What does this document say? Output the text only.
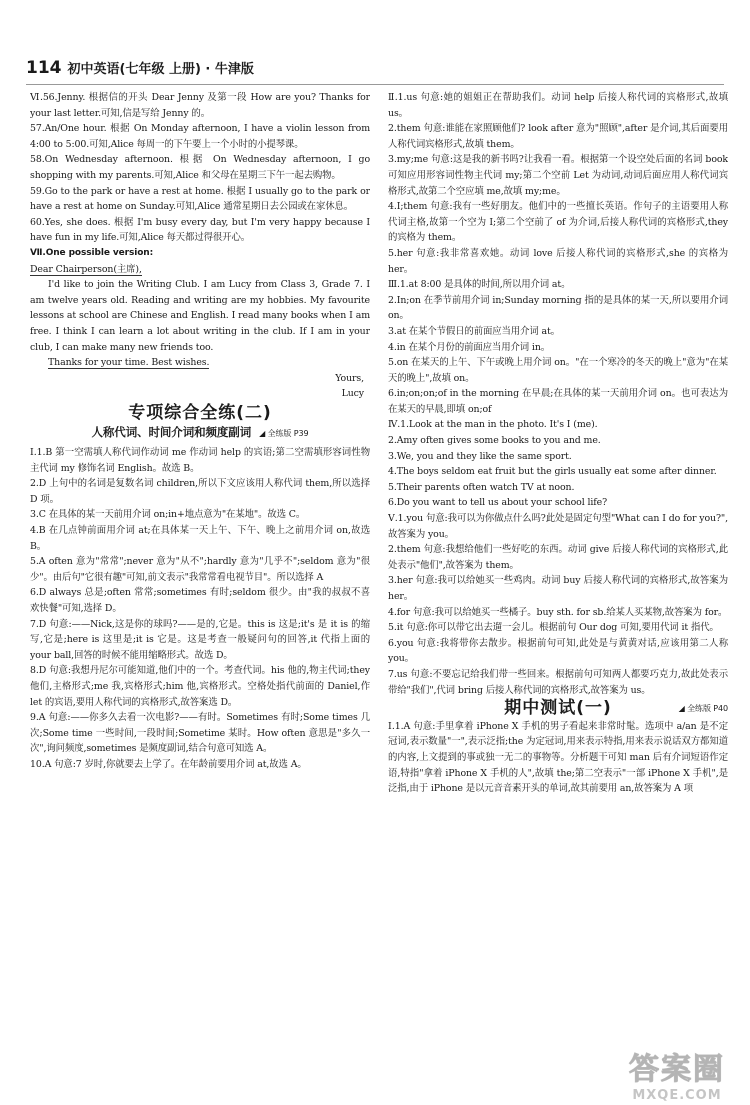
114 初中英语(七年级 上册) · 牛津版
Ⅵ.56.Jenny. 根据信的开头 Dear Jenny 及第一段 How are you? Thanks for your last letter.可知,信是写给 Jenny 的。
57.An/One hour. 根据 On Monday afternoon, I have a violin lesson from 4:00 to 5:00.可知,Alice 每周一的下午要上一个小时的小提琴课。
58.On Wednesday afternoon. 根据 On Wednesday afternoon, I go shopping with my parents.可知,Alice 和父母在星期三下午一起去购物。
59.Go to the park or have a rest at home. 根据 I usually go to the park or have a rest at home on Sunday.可知,Alice 通常星期日去公园或在家休息。
60.Yes, she does. 根据 I'm busy every day, but I'm very happy because I have fun in my life.可知,Alice 每天都过得很开心。
Ⅶ.One possible version:
Dear Chairperson(主席),
I'd like to join the Writing Club. I am Lucy from Class 3, Grade 7. I am twelve years old. Reading and writing are my hobbies. My favourite lessons at school are Chinese and English. I read many books when I am free. I think I can learn a lot about writing in the club. If I am in your club, I can make many new friends too.
Thanks for your time. Best wishes.
Yours,
Lucy
专项综合全练(二)
人称代词、时间介词和频度副词 ◢ 全练版 P39
Ⅰ.1.B 第一空需填人称代词作动词 me 作动词 help 的宾语;第二空需填形容词性物主代词 my 修饰名词 English。故选 B。
2.D 上句中的名词是复数名词 children,所以下文应该用人称代词 them,所以选择 D 项。
3.C 在具体的某一天前用介词 on;in+地点意为"在某地"。故选 C。
4.B 在几点钟前面用介词 at;在具体某一天上午、下午、晚上之前用介词 on,故选 B。
5.A often 意为"常常";never 意为"从不";hardly 意为"几乎不";seldom 意为"很少"。由后句"它很有趣"可知,前文表示"我常常看电视节目"。所以选择 A
6.D always 总是;often 常常;sometimes 有时;seldom 很少。由"我的叔叔不喜欢快餐"可知,选择 D。
7.D 句意:——Nick,这是你的球吗?——是的,它是。this is 这是;it's 是 it is 的缩写,它是;here is 这里是;it is 它是。这是考查一般疑问句的回答,it 代指上面的 your ball,回答的时候不能用缩略形式。故选 D。
8.D 句意:我想丹尼尔可能知道,他们中的一个。考查代词。his 他的,物主代词;they 他们,主格形式;me 我,宾格形式;him 他,宾格形式。空格处指代前面的 Daniel,作 let 的宾语,要用人称代词的宾格形式,故答案选 D。
9.A 句意:——你多久去看一次电影?——有时。Sometimes 有时;Some times 几次;Some time 一些时间,一段时间;Sometime 某时。How often 意思是"多久一次",询问频度,sometimes 是频度副词,结合句意可知选 A。
10.A 句意:7 岁时,你就要去上学了。在年龄前要用介词 at,故选 A。
Ⅱ.1.us 句意:她的姐姐正在帮助我们。动词 help 后接人称代词的宾格形式,故填 us。
2.them 句意:谁能在家照顾他们? look after 意为"照顾",after 是介词,其后面要用人称代词宾格形式,故填 them。
3.my;me 句意:这是我的新书吗?让我看一看。根据第一个设空处后面的名词 book 可知应用形容词性物主代词 my;第二个空前 Let 为动词,动词后面应用人称代词宾格形式,故第二个空应填 me,故填 my;me。
4.I;them 句意:我有一些好朋友。他们中的一些擅长英语。作句子的主语要用人称代词主格,故第一个空为 I;第二个空前了 of 为介词,后接人称代词的宾格形式,they 的宾格为 them。
5.her 句意:我非常喜欢她。动词 love 后接人称代词的宾格形式,she 的宾格为 her。
Ⅲ.1.at 8:00 是具体的时间,所以用介词 at。
2.In;on 在季节前用介词 in;Sunday morning 指的是具体的某一天,所以要用介词 on。
3.at 在某个节假日的前面应当用介词 at。
4.in 在某个月份的前面应当用介词 in。
5.on 在某天的上午、下午或晚上用介词 on。"在一个寒冷的冬天的晚上"意为"在某天的晚上",故填 on。
6.in;on;on;of in the morning 在早晨;在具体的某一天前用介词 on。也可表达为在某天的早晨,即填 on;of
Ⅳ.1.Look at the man in the photo. It's I (me).
2.Amy often gives some books to you and me.
3.We, you and they like the same sport.
4.The boys seldom eat fruit but the girls usually eat some after dinner.
5.Their parents often watch TV at noon.
6.Do you want to tell us about your school life?
Ⅴ.1.you 句意:我可以为你做点什么吗?此处是固定句型"What can I do for you?",故答案为 you。
2.them 句意:我想给他们一些好吃的东西。动词 give 后接人称代词的宾格形式,此处表示"他们",故答案为 them。
3.her 句意:我可以给她买一些鸡肉。动词 buy 后接人称代词的宾格形式,故答案为 her。
4.for 句意:我可以给她买一些橘子。buy sth. for sb.给某人买某物,故答案为 for。
5.it 句意:你可以带它出去遛一会儿。根据前句 Our dog 可知,要用代词 it 指代。
6.you 句意:我将带你去散步。根据前句可知,此处是与黄黄对话,应该用第二人称 you。
7.us 句意:不要忘记给我们带一些回来。根据前句可知两人都要巧克力,故此处表示带给"我们",代词 bring 后接人称代词的宾格形式,故答案为 us。
期中测试(一)	◢ 全练版 P40
Ⅰ.1.A 句意:手里拿着 iPhone X 手机的男子看起来非常时髦。选项中 a/an 是不定冠词,表示数量"一",表示泛指;the 为定冠词,用来表示特指,用来表示说话双方都知道的内容,上文提到的事或独一无二的事物等。分析题干可知 man 后有介词短语作定语,特指"拿着 iPhone X 手机的人",故填 the;第二空表示"一部 iPhone X 手机",是泛指,由于 iPhone 是以元音音素开头的单词,故其前要用 an,故答案为 A 项
答案圈
MXQE.COM
